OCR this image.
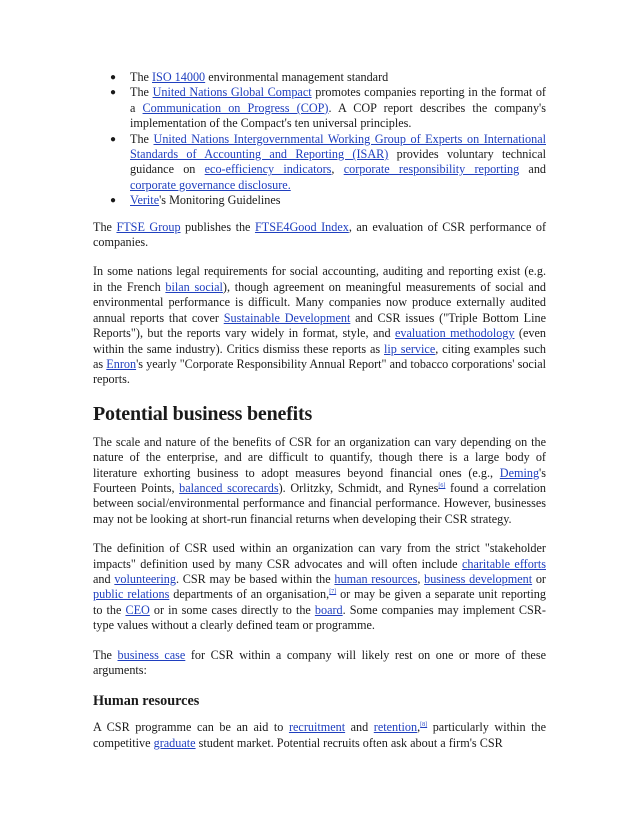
● The ISO 14000 environmental management standard
● The United Nations Global Compact promotes companies reporting in the format of a Communication on Progress (COP). A COP report describes the company's implementation of the Compact's ten universal principles.
● The United Nations Intergovernmental Working Group of Experts on International Standards of Accounting and Reporting (ISAR) provides voluntary technical guidance on eco-efficiency indicators, corporate responsibility reporting and corporate governance disclosure.
● Verite's Monitoring Guidelines

The FTSE Group publishes the FTSE4Good Index, an evaluation of CSR performance of companies.

In some nations legal requirements for social accounting, auditing and reporting exist (e.g. in the French bilan social), though agreement on meaningful measurements of social and environmental performance is difficult. Many companies now produce externally audited annual reports that cover Sustainable Development and CSR issues ("Triple Bottom Line Reports"), but the reports vary widely in format, style, and evaluation methodology (even within the same industry). Critics dismiss these reports as lip service, citing examples such as Enron's yearly "Corporate Responsibility Annual Report" and tobacco corporations' social reports.

Potential business benefits

The scale and nature of the benefits of CSR for an organization can vary depending on the nature of the enterprise, and are difficult to quantify, though there is a large body of literature exhorting business to adopt measures beyond financial ones (e.g., Deming's Fourteen Points, balanced scorecards). Orlitzky, Schmidt, and Rynes[6] found a correlation between social/environmental performance and financial performance. However, businesses may not be looking at short-run financial returns when developing their CSR strategy.

The definition of CSR used within an organization can vary from the strict "stakeholder impacts" definition used by many CSR advocates and will often include charitable efforts and volunteering. CSR may be based within the human resources, business development or public relations departments of an organisation,[7] or may be given a separate unit reporting to the CEO or in some cases directly to the board. Some companies may implement CSR-type values without a clearly defined team or programme.

The business case for CSR within a company will likely rest on one or more of these arguments:

Human resources

A CSR programme can be an aid to recruitment and retention,[8] particularly within the competitive graduate student market. Potential recruits often ask about a firm's CSR
